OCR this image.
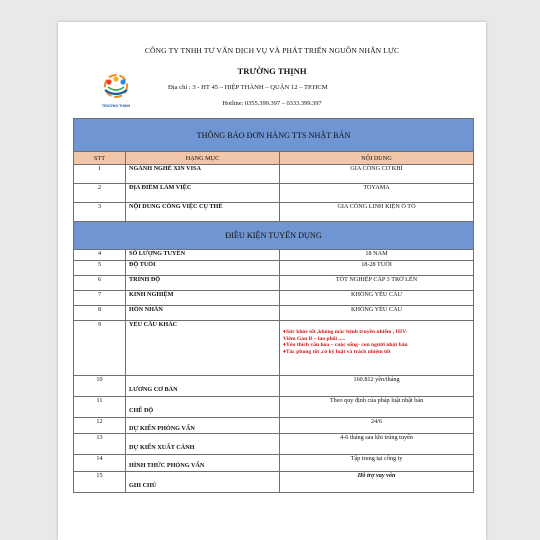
CÔNG TY TNHH TƯ VẤN DỊCH VỤ VÀ PHÁT TRIỂN NGUỒN NHÂN LỰC
TRƯỜNG THỊNH
TRƯỜNG THỊNH
Địa chỉ : 3 - HT 45 – HIỆP THÀNH – QUẬN 12 – TP.HCM
Hotline: 0355.399.397 – 0333.399.397
THÔNG BÁO ĐƠN HÀNG TTS NHẬT BẢN		
STT	HẠNG MỤC	NỘI DUNG
1	NGÀNH NGHỀ XIN VISA	GIA CÔNG CƠ KHÍ
2	ĐỊA ĐIỂM LÀM VIỆC	TOYAMA
3	NỘI DUNG CÔNG VIỆC CỤ THỂ	GIA CÔNG LINH KIỆN Ô TÔ
ĐIỀU KIỆN TUYỂN DỤNG		
4	SỐ LƯỢNG TUYỂN	18 NAM
5	ĐỘ TUỔI	18-28 TUỔI
6	TRÌNH ĐỘ	TỐT NGHIỆP CẤP 3 TRỞ LÊN
7	KINH NGHIỆM	KHÔNG YÊU CẦU
8	HÔN NHÂN	KHÔNG YÊU CẦU
9	YÊU CẦU KHÁC	♦Sức khỏe tốt ,không mắc bệnh truyền nhiễm , HIV-
Viêm Gan B – lao phổi .....
♦Yêu thích văn hóa – cuộc sống- con người nhật bản
♦Tác phong tốt ,có kỷ luật và trách nhiệm tốt

10	LƯƠNG CƠ BẢN	160.812 yên/tháng
11	CHẾ ĐỘ	Theo quy định của pháp luật nhật bản
12	DỰ KIẾN PHỎNG VẤN	24/6
13	DỰ KIẾN XUẤT CẢNH	4-6 tháng sau khi trúng tuyển
14	HÌNH THỨC PHỎNG VẤN	Tập trung tại công ty
15	GHI CHÚ	Hỗ trợ vay vốn
